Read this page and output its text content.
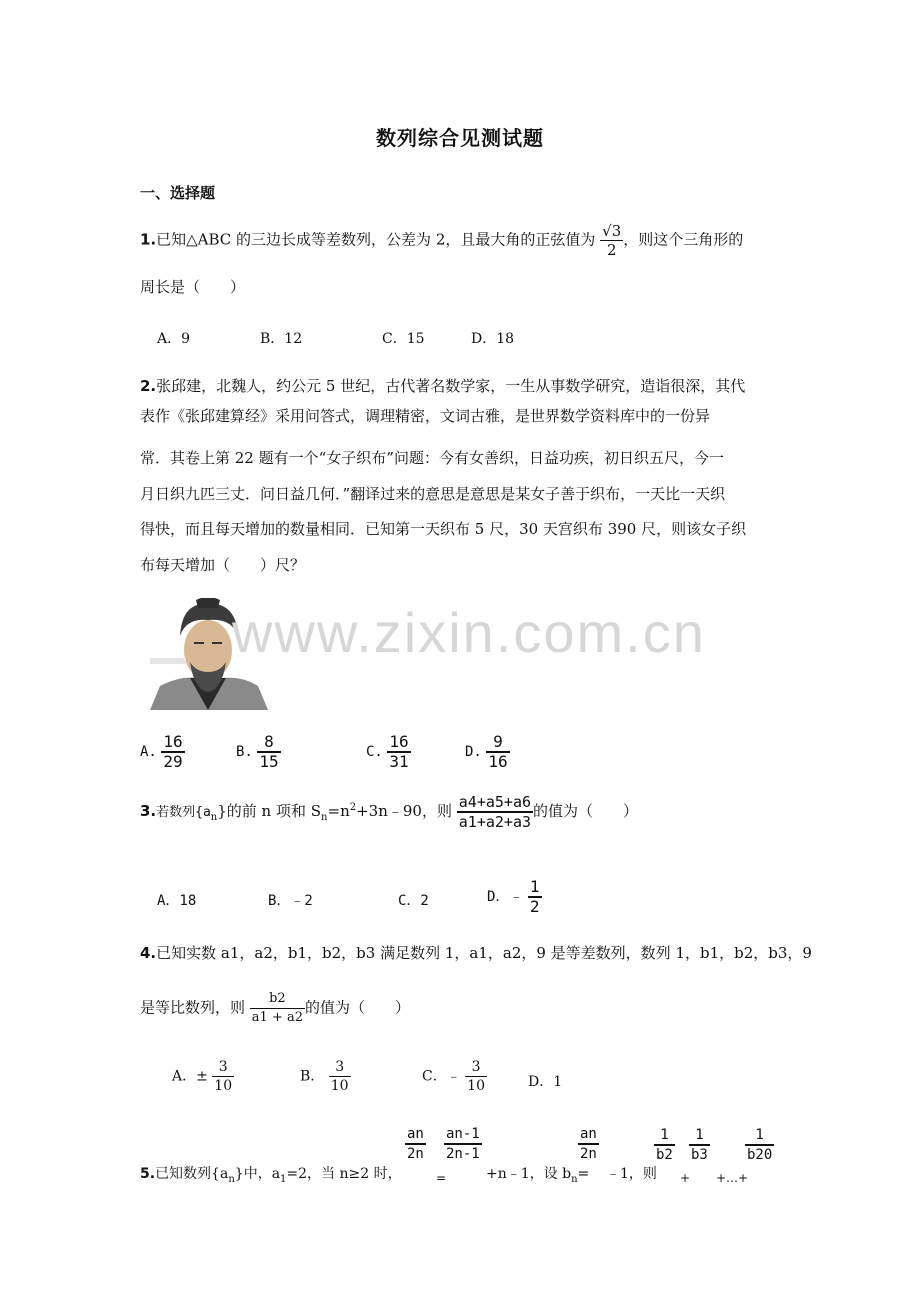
数列综合见测试题
一、选择题
1.已知△ABC 的三边长成等差数列，公差为 2，且最大角的正弦值为 $\frac{√3}{2}$ ，则这个三角形的
周长是（　　）
A．9	B．12	C．15	D．18
2.张邱建，北魏人，约公元 5 世纪，古代著名数学家，一生从事数学研究，造诣很深，其代
表作《张邱建算经》采用问答式，调理精密，文词古雅，是世界数学资料库中的一份异
常．其卷上第 22 题有一个“女子织布”问题：今有女善织，日益功疾，初日织五尺，今一
月日织九匹三丈．问日益几何．”翻译过来的意思是意思是某女子善于织布，一天比一天织
得快，而且每天增加的数量相同．已知第一天织布 5 尺，30 天宫织布 390 尺，则该女子织
布每天增加（　　）尺？
www.zixin.com.cn
A. $\frac{16}{29}$	B. $\frac{8}{15}$	C. $\frac{16}{31}$	D. $\frac{9}{16}$
3.若数列$\{a_n\}$的前 n 项和 $S_n=n^2+3n﹣90$，则 $\frac{a4+a5+a6}{a1+a2+a3}$ 的值为（　　）
A．18	B．﹣2	C．2	D．﹣ $\frac{1}{2}$
4.已知实数 a1，a2，b1，b2，b3 满足数列 1，a1，a2，9 是等差数列，数列 1，b1，b2，b3，9
是等比数列，则 $\frac{b2}{a1 + a2}$ 的值为（　　）
A．± $\frac{3}{10}$	B． $\frac{3}{10}$	C．﹣ $\frac{3}{10}$	D．1
5.已知数列$\{a_n\}$中，$a_1=2$，当 n≥2 时，
$\frac{an}{2n}$
=
$\frac{an-1}{2n-1}$
+n﹣1，设 $b_n=$
$\frac{an}{2n}$
﹣1，则
$\frac{1}{b2}$
+
$\frac{1}{b3}$
+…+
$\frac{1}{b20}$
